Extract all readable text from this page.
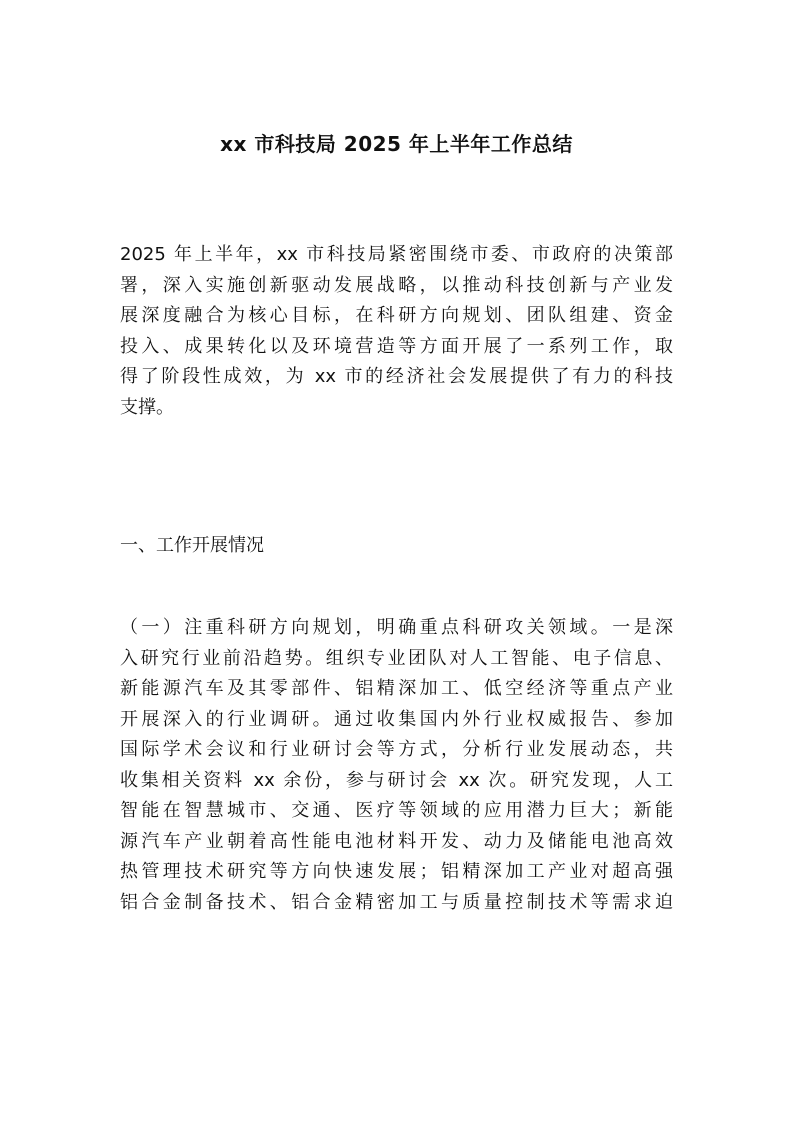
xx 市科技局 2025 年上半年工作总结
2025 年上半年，xx 市科技局紧密围绕市委、市政府的决策部
署，深入实施创新驱动发展战略，以推动科技创新与产业发
展深度融合为核心目标，在科研方向规划、团队组建、资金
投入、成果转化以及环境营造等方面开展了一系列工作，取
得了阶段性成效，为 xx 市的经济社会发展提供了有力的科技
支撑。

一、工作开展情况

（一）注重科研方向规划，明确重点科研攻关领域。一是深
入研究行业前沿趋势。组织专业团队对人工智能、电子信息、
新能源汽车及其零部件、铝精深加工、低空经济等重点产业
开展深入的行业调研。通过收集国内外行业权威报告、参加
国际学术会议和行业研讨会等方式，分析行业发展动态，共
收集相关资料 xx 余份，参与研讨会 xx 次。研究发现，人工
智能在智慧城市、交通、医疗等领域的应用潜力巨大；新能
源汽车产业朝着高性能电池材料开发、动力及储能电池高效
热管理技术研究等方向快速发展；铝精深加工产业对超高强
铝合金制备技术、铝合金精密加工与质量控制技术等需求迫
